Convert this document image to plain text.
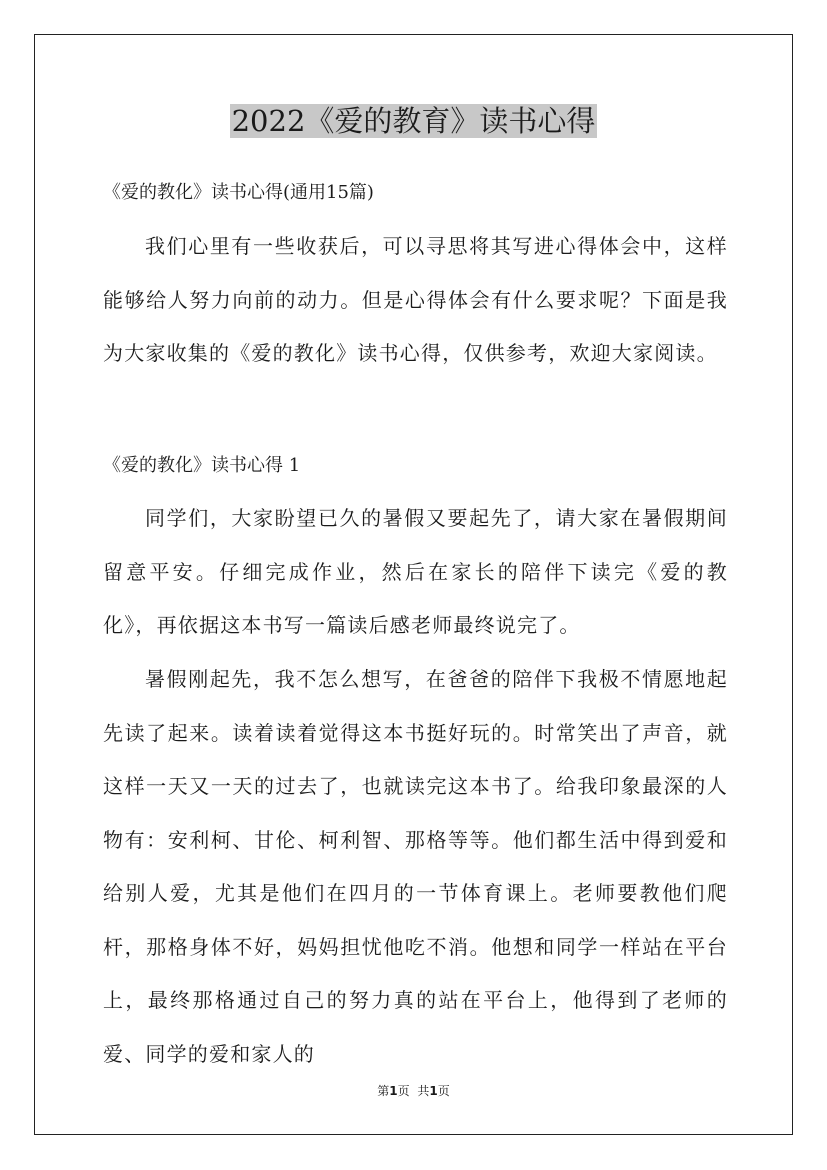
2022《爱的教育》读书心得
《爱的教化》读书心得(通用15篇)

我们心里有一些收获后，可以寻思将其写进心得体会中，这样能够给人努力向前的动力。但是心得体会有什么要求呢？下面是我为大家收集的《爱的教化》读书心得，仅供参考，欢迎大家阅读。

《爱的教化》读书心得 1

同学们，大家盼望已久的暑假又要起先了，请大家在暑假期间留意平安。仔细完成作业，然后在家长的陪伴下读完《爱的教化》，再依据这本书写一篇读后感老师最终说完了。

暑假刚起先，我不怎么想写，在爸爸的陪伴下我极不情愿地起先读了起来。读着读着觉得这本书挺好玩的。时常笑出了声音，就这样一天又一天的过去了，也就读完这本书了。给我印象最深的人物有：安利柯、甘伦、柯利智、那格等等。他们都生活中得到爱和给别人爱，尤其是他们在四月的一节体育课上。老师要教他们爬杆，那格身体不好，妈妈担忧他吃不消。他想和同学一样站在平台上，最终那格通过自己的努力真的站在平台上，他得到了老师的爱、同学的爱和家人的

第1页 共1页
